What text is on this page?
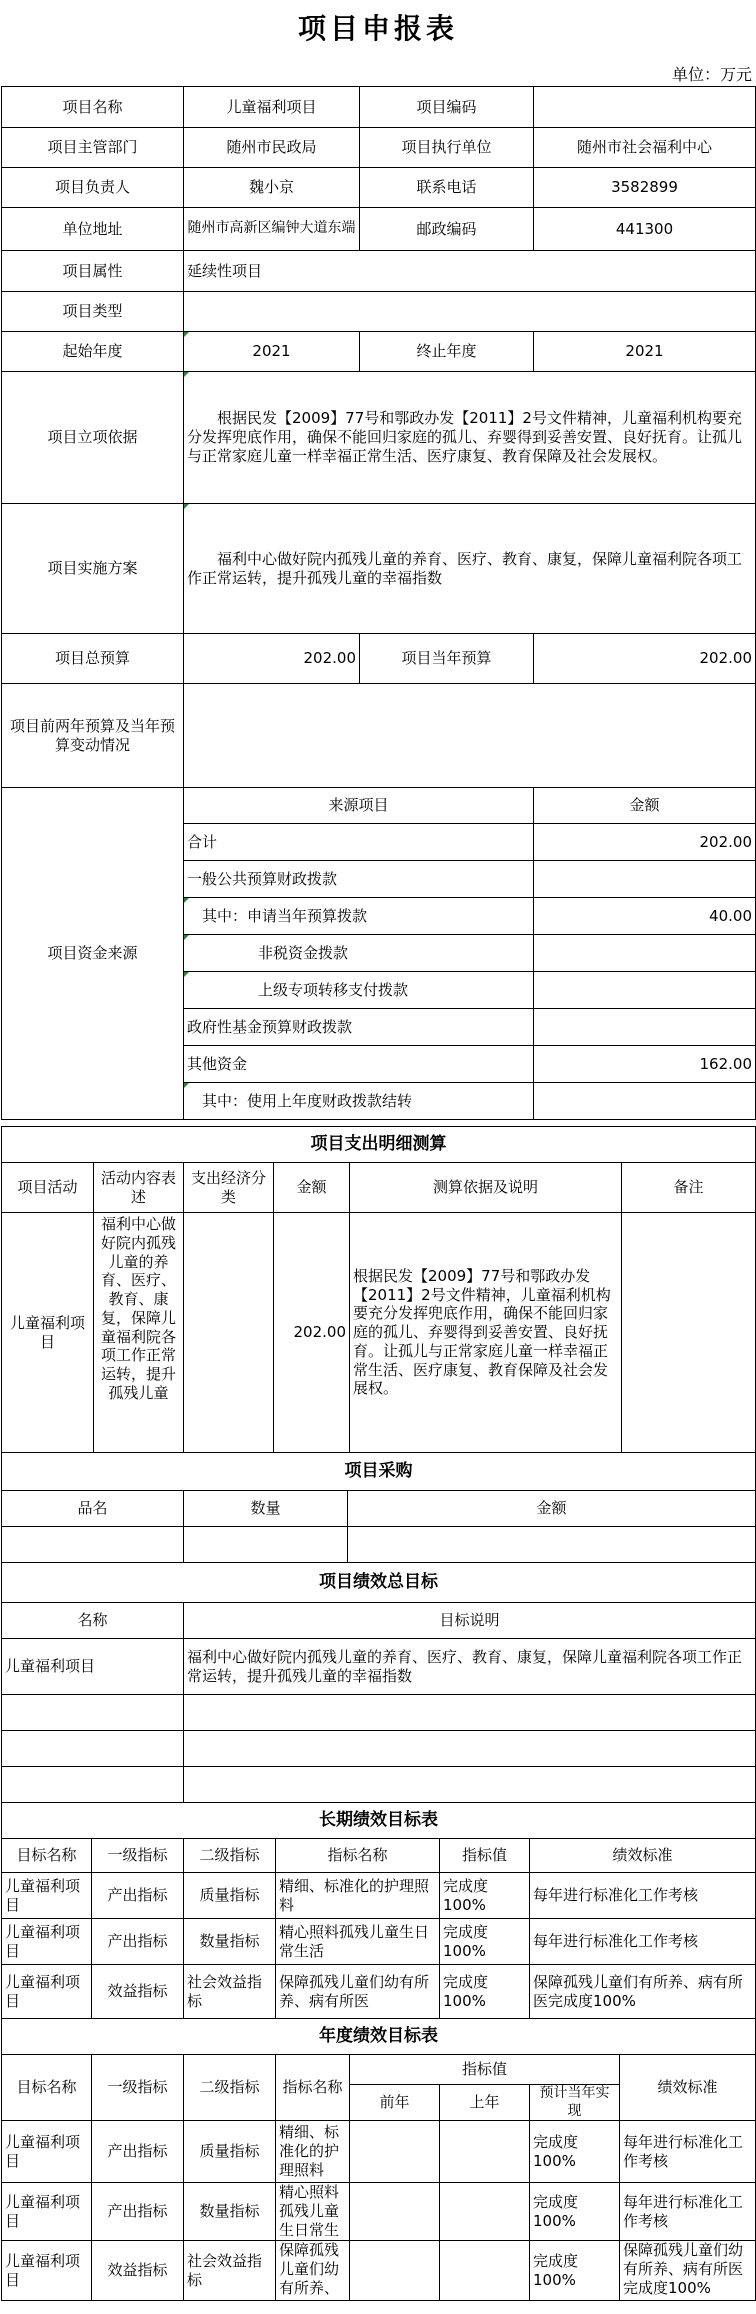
项目申报表
单位：万元
项目名称	儿童福利项目	项目编码	
项目主管部门	随州市民政局	项目执行单位	随州市社会福利中心
项目负责人	魏小京	联系电话	3582899
单位地址	随州市高新区编钟大道东端	邮政编码	441300
项目属性	延续性项目		
项目类型			
起始年度	2021	终止年度	2021
项目立项依据	根据民发【2009】77号和鄂政办发【2011】2号文件精神，儿童福利机构要充分发挥兜底作用，确保不能回归家庭的孤儿、弃婴得到妥善安置、良好抚育。让孤儿与正常家庭儿童一样幸福正常生活、医疗康复、教育保障及社会发展权。		
项目实施方案	福利中心做好院内孤残儿童的养育、医疗、教育、康复，保障儿童福利院各项工作正常运转，提升孤残儿童的幸福指数		
项目总预算	202.00	项目当年预算	202.00
项目前两年预算及当年预算变动情况			
项目资金来源	来源项目		金额
	合计		202.00
	一般公共预算财政拨款		
	其中：申请当年预算拨款		40.00
	非税资金拨款		
	上级专项转移支付拨款		
	政府性基金预算财政拨款		
	其他资金		162.00
	其中：使用上年度财政拨款结转		
项目支出明细测算					
项目活动	活动内容表述	支出经济分类	金额	测算依据及说明	备注
儿童福利项目	福利中心做好院内孤残儿童的养育、医疗、教育、康复，保障儿童福利院各项工作正常运转，提升孤残儿童		202.00	根据民发【2009】77号和鄂政办发【2011】2号文件精神，儿童福利机构要充分发挥兜底作用，确保不能回归家庭的孤儿、弃婴得到妥善安置、良好抚育。让孤儿与正常家庭儿童一样幸福正常生活、医疗康复、教育保障及社会发展权。	
项目采购		
品名	数量	金额

项目绩效总目标	
名称	目标说明
儿童福利项目	福利中心做好院内孤残儿童的养育、医疗、教育、康复，保障儿童福利院各项工作正常运转，提升孤残儿童的幸福指数

长期绩效目标表					
目标名称	一级指标	二级指标	指标名称	指标值	绩效标准
儿童福利项目	产出指标	质量指标	精细、标准化的护理照料	完成度100%	每年进行标准化工作考核
儿童福利项目	产出指标	数量指标	精心照料孤残儿童生日常生活	完成度100%	每年进行标准化工作考核
儿童福利项目	效益指标	社会效益指标	保障孤残儿童们幼有所养、病有所医	完成度100%	保障孤残儿童们有所养、病有所医完成度100%
年度绩效目标表							
目标名称	一级指标	二级指标	指标名称	指标值			绩效标准
				前年	上年	预计当年实现	
儿童福利项目	产出指标	质量指标	精细、标准化的护理照料			完成度100%	每年进行标准化工作考核
儿童福利项目	产出指标	数量指标	精心照料孤残儿童生日常生			完成度100%	每年进行标准化工作考核
儿童福利项目	效益指标	社会效益指标	保障孤残儿童们幼有所养、			完成度100%	保障孤残儿童们幼有所养、病有所医完成度100%
